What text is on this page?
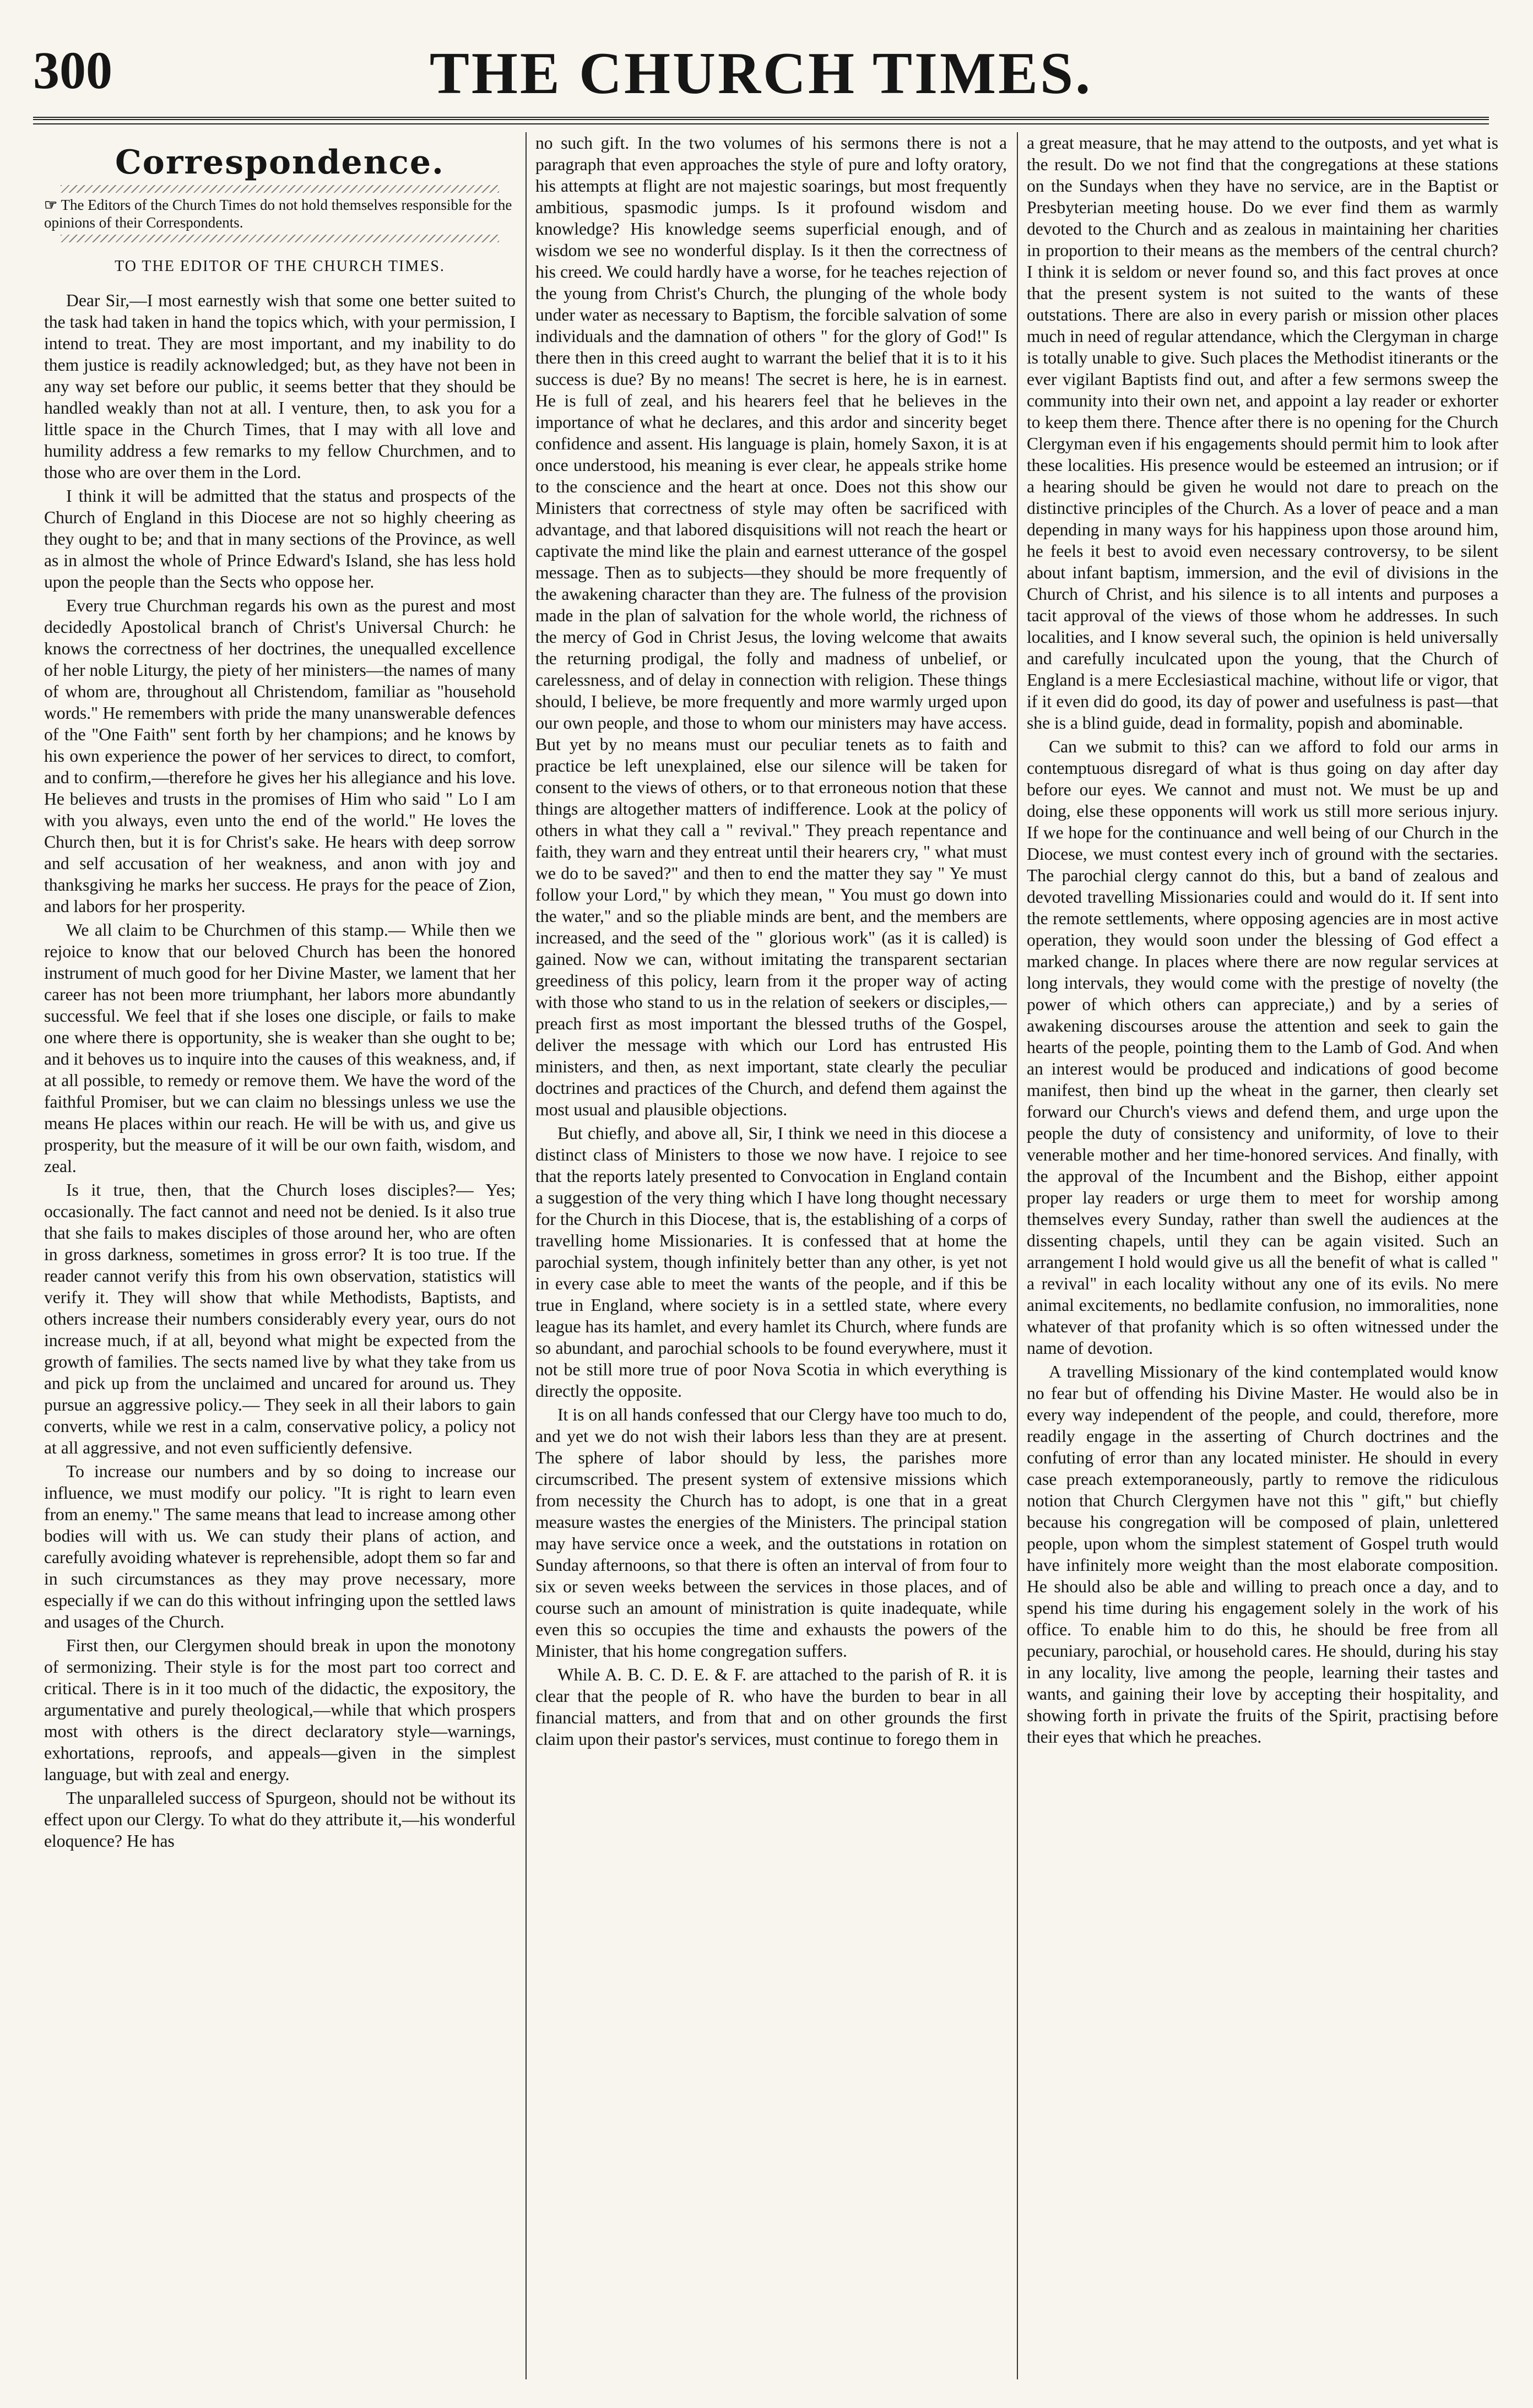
300	THE CHURCH TIMES.
Correspondence.
☞ The Editors of the Church Times do not hold themselves responsible for the opinions of their Correspondents.
TO THE EDITOR OF THE CHURCH TIMES.

Dear Sir,—I most earnestly wish that some one better suited to the task had taken in hand the topics which, with your permission, I intend to treat. They are most important, and my inability to do them justice is readily acknowledged; but, as they have not been in any way set before our public, it seems better that they should be handled weakly than not at all. I venture, then, to ask you for a little space in the Church Times, that I may with all love and humility address a few remarks to my fellow Churchmen, and to those who are over them in the Lord.

I think it will be admitted that the status and prospects of the Church of England in this Diocese are not so highly cheering as they ought to be; and that in many sections of the Province, as well as in almost the whole of Prince Edward's Island, she has less hold upon the people than the Sects who oppose her.

Every true Churchman regards his own as the purest and most decidedly Apostolical branch of Christ's Universal Church: he knows the correctness of her doctrines, the unequalled excellence of her noble Liturgy, the piety of her ministers—the names of many of whom are, throughout all Christendom, familiar as "household words." He remembers with pride the many unanswerable defences of the "One Faith" sent forth by her champions; and he knows by his own experience the power of her services to direct, to comfort, and to confirm,—therefore he gives her his allegiance and his love. He believes and trusts in the promises of Him who said " Lo I am with you always, even unto the end of the world." He loves the Church then, but it is for Christ's sake. He hears with deep sorrow and self accusation of her weakness, and anon with joy and thanksgiving he marks her success. He prays for the peace of Zion, and labors for her prosperity.

We all claim to be Churchmen of this stamp.— While then we rejoice to know that our beloved Church has been the honored instrument of much good for her Divine Master, we lament that her career has not been more triumphant, her labors more abundantly successful. We feel that if she loses one disciple, or fails to make one where there is opportunity, she is weaker than she ought to be; and it behoves us to inquire into the causes of this weakness, and, if at all possible, to remedy or remove them. We have the word of the faithful Promiser, but we can claim no blessings unless we use the means He places within our reach. He will be with us, and give us prosperity, but the measure of it will be our own faith, wisdom, and zeal.

Is it true, then, that the Church loses disciples?— Yes; occasionally. The fact cannot and need not be denied. Is it also true that she fails to makes disciples of those around her, who are often in gross darkness, sometimes in gross error? It is too true. If the reader cannot verify this from his own observation, statistics will verify it. They will show that while Methodists, Baptists, and others increase their numbers considerably every year, ours do not increase much, if at all, beyond what might be expected from the growth of families. The sects named live by what they take from us and pick up from the unclaimed and uncared for around us. They pursue an aggressive policy.— They seek in all their labors to gain converts, while we rest in a calm, conservative policy, a policy not at all aggressive, and not even sufficiently defensive.

To increase our numbers and by so doing to increase our influence, we must modify our policy. "It is right to learn even from an enemy." The same means that lead to increase among other bodies will with us. We can study their plans of action, and carefully avoiding whatever is reprehensible, adopt them so far and in such circumstances as they may prove necessary, more especially if we can do this without infringing upon the settled laws and usages of the Church.

First then, our Clergymen should break in upon the monotony of sermonizing. Their style is for the most part too correct and critical. There is in it too much of the didactic, the expository, the argumentative and purely theological,—while that which prospers most with others is the direct declaratory style—warnings, exhortations, reproofs, and appeals—given in the simplest language, but with zeal and energy.

The unparalleled success of Spurgeon, should not be without its effect upon our Clergy. To what do they attribute it,—his wonderful eloquence? He has

no such gift. In the two volumes of his sermons there is not a paragraph that even approaches the style of pure and lofty oratory, his attempts at flight are not majestic soarings, but most frequently ambitious, spasmodic jumps. Is it profound wisdom and knowledge? His knowledge seems superficial enough, and of wisdom we see no wonderful display. Is it then the correctness of his creed. We could hardly have a worse, for he teaches rejection of the young from Christ's Church, the plunging of the whole body under water as necessary to Baptism, the forcible salvation of some individuals and the damnation of others " for the glory of God!" Is there then in this creed aught to warrant the belief that it is to it his success is due? By no means! The secret is here, he is in earnest. He is full of zeal, and his hearers feel that he believes in the importance of what he declares, and this ardor and sincerity beget confidence and assent. His language is plain, homely Saxon, it is at once understood, his meaning is ever clear, he appeals strike home to the conscience and the heart at once. Does not this show our Ministers that correctness of style may often be sacrificed with advantage, and that labored disquisitions will not reach the heart or captivate the mind like the plain and earnest utterance of the gospel message. Then as to subjects—they should be more frequently of the awakening character than they are. The fulness of the provision made in the plan of salvation for the whole world, the richness of the mercy of God in Christ Jesus, the loving welcome that awaits the returning prodigal, the folly and madness of unbelief, or carelessness, and of delay in connection with religion. These things should, I believe, be more frequently and more warmly urged upon our own people, and those to whom our ministers may have access. But yet by no means must our peculiar tenets as to faith and practice be left unexplained, else our silence will be taken for consent to the views of others, or to that erroneous notion that these things are altogether matters of indifference. Look at the policy of others in what they call a " revival." They preach repentance and faith, they warn and they entreat until their hearers cry, " what must we do to be saved?" and then to end the matter they say " Ye must follow your Lord," by which they mean, " You must go down into the water," and so the pliable minds are bent, and the members are increased, and the seed of the " glorious work" (as it is called) is gained. Now we can, without imitating the transparent sectarian greediness of this policy, learn from it the proper way of acting with those who stand to us in the relation of seekers or disciples,— preach first as most important the blessed truths of the Gospel, deliver the message with which our Lord has entrusted His ministers, and then, as next important, state clearly the peculiar doctrines and practices of the Church, and defend them against the most usual and plausible objections.

But chiefly, and above all, Sir, I think we need in this diocese a distinct class of Ministers to those we now have. I rejoice to see that the reports lately presented to Convocation in England contain a suggestion of the very thing which I have long thought necessary for the Church in this Diocese, that is, the establishing of a corps of travelling home Missionaries. It is confessed that at home the parochial system, though infinitely better than any other, is yet not in every case able to meet the wants of the people, and if this be true in England, where society is in a settled state, where every league has its hamlet, and every hamlet its Church, where funds are so abundant, and parochial schools to be found everywhere, must it not be still more true of poor Nova Scotia in which everything is directly the opposite.

It is on all hands confessed that our Clergy have too much to do, and yet we do not wish their labors less than they are at present. The sphere of labor should by less, the parishes more circumscribed. The present system of extensive missions which from necessity the Church has to adopt, is one that in a great measure wastes the energies of the Ministers. The principal station may have service once a week, and the outstations in rotation on Sunday afternoons, so that there is often an interval of from four to six or seven weeks between the services in those places, and of course such an amount of ministration is quite inadequate, while even this so occupies the time and exhausts the powers of the Minister, that his home congregation suffers.

While A. B. C. D. E. & F. are attached to the parish of R. it is clear that the people of R. who have the burden to bear in all financial matters, and from that and on other grounds the first claim upon their pastor's services, must continue to forego them in

a great measure, that he may attend to the outposts, and yet what is the result. Do we not find that the congregations at these stations on the Sundays when they have no service, are in the Baptist or Presbyterian meeting house. Do we ever find them as warmly devoted to the Church and as zealous in maintaining her charities in proportion to their means as the members of the central church? I think it is seldom or never found so, and this fact proves at once that the present system is not suited to the wants of these outstations. There are also in every parish or mission other places much in need of regular attendance, which the Clergyman in charge is totally unable to give. Such places the Methodist itinerants or the ever vigilant Baptists find out, and after a few sermons sweep the community into their own net, and appoint a lay reader or exhorter to keep them there. Thence after there is no opening for the Church Clergyman even if his engagements should permit him to look after these localities. His presence would be esteemed an intrusion; or if a hearing should be given he would not dare to preach on the distinctive principles of the Church. As a lover of peace and a man depending in many ways for his happiness upon those around him, he feels it best to avoid even necessary controversy, to be silent about infant baptism, immersion, and the evil of divisions in the Church of Christ, and his silence is to all intents and purposes a tacit approval of the views of those whom he addresses. In such localities, and I know several such, the opinion is held universally and carefully inculcated upon the young, that the Church of England is a mere Ecclesiastical machine, without life or vigor, that if it even did do good, its day of power and usefulness is past—that she is a blind guide, dead in formality, popish and abominable.

Can we submit to this? can we afford to fold our arms in contemptuous disregard of what is thus going on day after day before our eyes. We cannot and must not. We must be up and doing, else these opponents will work us still more serious injury. If we hope for the continuance and well being of our Church in the Diocese, we must contest every inch of ground with the sectaries. The parochial clergy cannot do this, but a band of zealous and devoted travelling Missionaries could and would do it. If sent into the remote settlements, where opposing agencies are in most active operation, they would soon under the blessing of God effect a marked change. In places where there are now regular services at long intervals, they would come with the prestige of novelty (the power of which others can appreciate,) and by a series of awakening discourses arouse the attention and seek to gain the hearts of the people, pointing them to the Lamb of God. And when an interest would be produced and indications of good become manifest, then bind up the wheat in the garner, then clearly set forward our Church's views and defend them, and urge upon the people the duty of consistency and uniformity, of love to their venerable mother and her time-honored services. And finally, with the approval of the Incumbent and the Bishop, either appoint proper lay readers or urge them to meet for worship among themselves every Sunday, rather than swell the audiences at the dissenting chapels, until they can be again visited. Such an arrangement I hold would give us all the benefit of what is called " a revival" in each locality without any one of its evils. No mere animal excitements, no bedlamite confusion, no immoralities, none whatever of that profanity which is so often witnessed under the name of devotion.

A travelling Missionary of the kind contemplated would know no fear but of offending his Divine Master. He would also be in every way independent of the people, and could, therefore, more readily engage in the asserting of Church doctrines and the confuting of error than any located minister. He should in every case preach extemporaneously, partly to remove the ridiculous notion that Church Clergymen have not this " gift," but chiefly because his congregation will be composed of plain, unlettered people, upon whom the simplest statement of Gospel truth would have infinitely more weight than the most elaborate composition. He should also be able and willing to preach once a day, and to spend his time during his engagement solely in the work of his office. To enable him to do this, he should be free from all pecuniary, parochial, or household cares. He should, during his stay in any locality, live among the people, learning their tastes and wants, and gaining their love by accepting their hospitality, and showing forth in private the fruits of the Spirit, practising before their eyes that which he preaches.
